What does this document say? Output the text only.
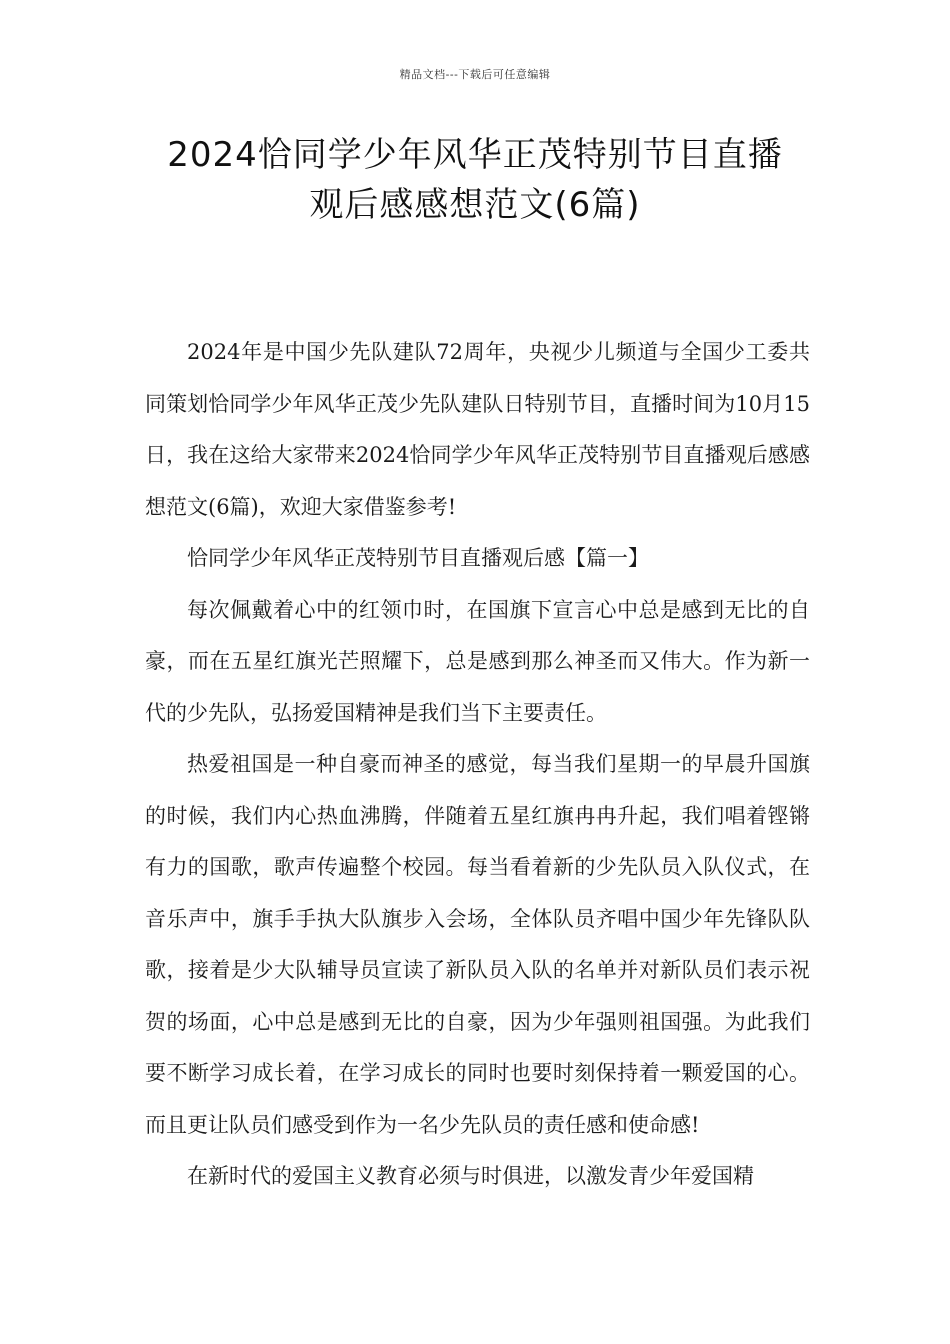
精品文档---下载后可任意编辑
2024恰同学少年风华正茂特别节目直播
观后感感想范文(6篇)

2024年是中国少先队建队72周年，央视少儿频道与全国少工委共同策划恰同学少年风华正茂少先队建队日特别节目，直播时间为10月15日，我在这给大家带来2024恰同学少年风华正茂特别节目直播观后感感想范文(6篇)，欢迎大家借鉴参考!

恰同学少年风华正茂特别节目直播观后感【篇一】

每次佩戴着心中的红领巾时，在国旗下宣言心中总是感到无比的自豪，而在五星红旗光芒照耀下，总是感到那么神圣而又伟大。作为新一代的少先队，弘扬爱国精神是我们当下主要责任。

热爱祖国是一种自豪而神圣的感觉，每当我们星期一的早晨升国旗的时候，我们内心热血沸腾，伴随着五星红旗冉冉升起，我们唱着铿锵有力的国歌，歌声传遍整个校园。每当看着新的少先队员入队仪式，在音乐声中，旗手手执大队旗步入会场，全体队员齐唱中国少年先锋队队歌，接着是少大队辅导员宣读了新队员入队的名单并对新队员们表示祝贺的场面，心中总是感到无比的自豪，因为少年强则祖国强。为此我们要不断学习成长着，在学习成长的同时也要时刻保持着一颗爱国的心。而且更让队员们感受到作为一名少先队员的责任感和使命感!

在新时代的爱国主义教育必须与时俱进，以激发青少年爱国精
